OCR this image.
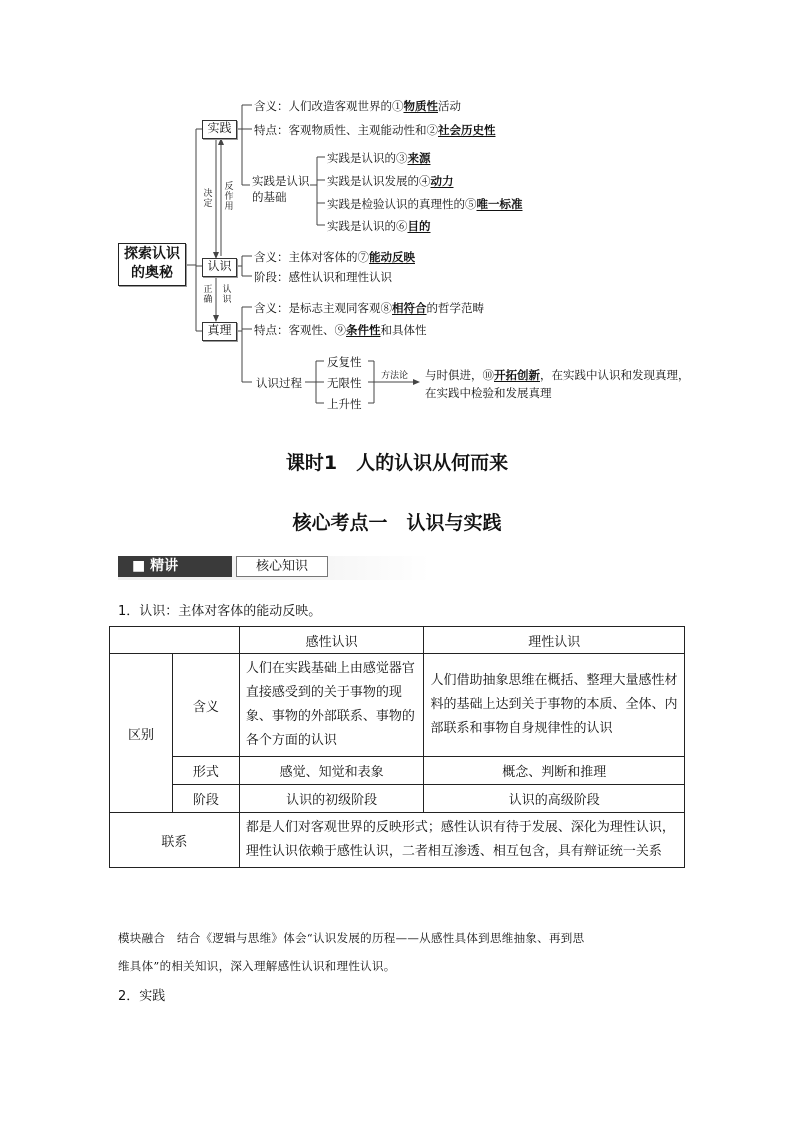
探索认识的奥秘
实践
认识
真理
决定
反作用
正确
认识
含义：人们改造客观世界的①物质性活动
特点：客观物质性、主观能动性和②社会历史性
实践是认识的基础
实践是认识的③来源
实践是认识发展的④动力
实践是检验认识的真理性的⑤唯一标准
实践是认识的⑥目的
含义：主体对客体的⑦能动反映
阶段：感性认识和理性认识
含义：是标志主观同客观⑧相符合的哲学范畴
特点：客观性、⑨条件性和具体性
认识过程
反复性
无限性
上升性
方法论 与时俱进，⑩开拓创新，在实践中认识和发现真理，在实践中检验和发展真理
课时1　人的认识从何而来
核心考点一　认识与实践
■ 精讲	核心知识
1．认识：主体对客体的能动反映。
		感性认识	理性认识
区别	含义	人们在实践基础上由感觉器官直接感受到的关于事物的现象、事物的外部联系、事物的各个方面的认识	人们借助抽象思维在概括、整理大量感性材料的基础上达到关于事物的本质、全体、内部联系和事物自身规律性的认识
	形式	感觉、知觉和表象	概念、判断和推理
	阶段	认识的初级阶段	认识的高级阶段
联系		都是人们对客观世界的反映形式；感性认识有待于发展、深化为理性认识，理性认识依赖于感性认识，二者相互渗透、相互包含，具有辩证统一关系	
模块融合　结合《逻辑与思维》体会“认识发展的历程——从感性具体到思维抽象、再到思
维具体”的相关知识，深入理解感性认识和理性认识。
2．实践
